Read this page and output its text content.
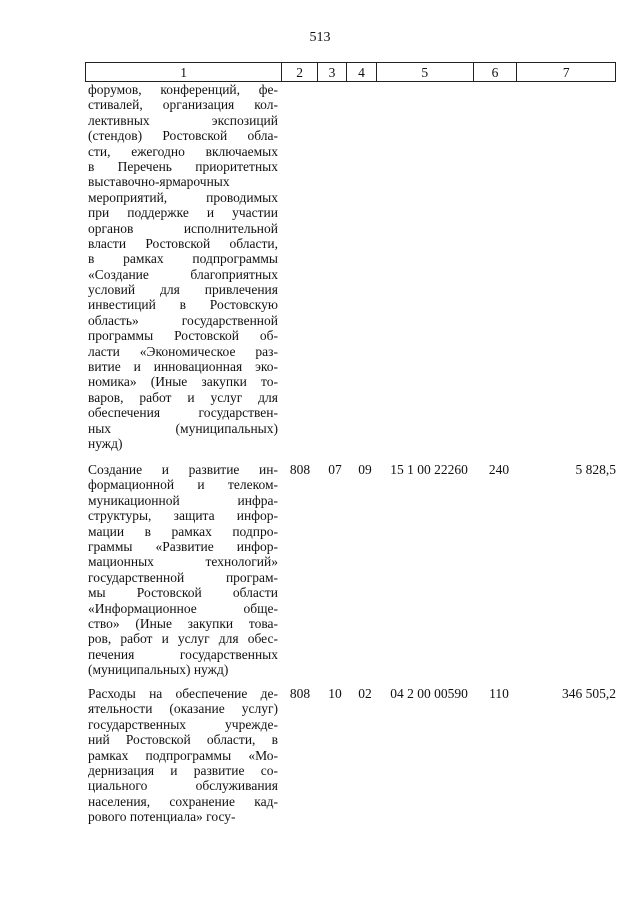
513
1	2	3	4	5	6	7
форумов, конференций, фе-
стивалей, организация кол-
лективных экспозиций
(стендов) Ростовской обла-
сти, ежегодно включаемых
в Перечень приоритетных
выставочно-ярмарочных
мероприятий, проводимых
при поддержке и участии
органов исполнительной
власти Ростовской области,
в рамках подпрограммы
«Создание благоприятных
условий для привлечения
инвестиций в Ростовскую
область» государственной
программы Ростовской об-
ласти «Экономическое раз-
витие и инновационная эко-
номика» (Иные закупки то-
варов, работ и услуг для
обеспечения государствен-
ных (муниципальных)
нужд)
Создание и развитие ин-
формационной и телеком-
муникационной инфра-
структуры, защита инфор-
мации в рамках подпро-
граммы «Развитие инфор-
мационных технологий»
государственной програм-
мы Ростовской области
«Информационное обще-
ство» (Иные закупки това-
ров, работ и услуг для обес-
печения государственных
(муниципальных) нужд)
808	07	09	15 1 00 22260	240	5 828,5
Расходы на обеспечение де-
ятельности (оказание услуг)
государственных учрежде-
ний Ростовской области, в
рамках подпрограммы «Мо-
дернизация и развитие со-
циального обслуживания
населения, сохранение кад-
рового потенциала» госу-
808	10	02	04 2 00 00590	110	346 505,2
